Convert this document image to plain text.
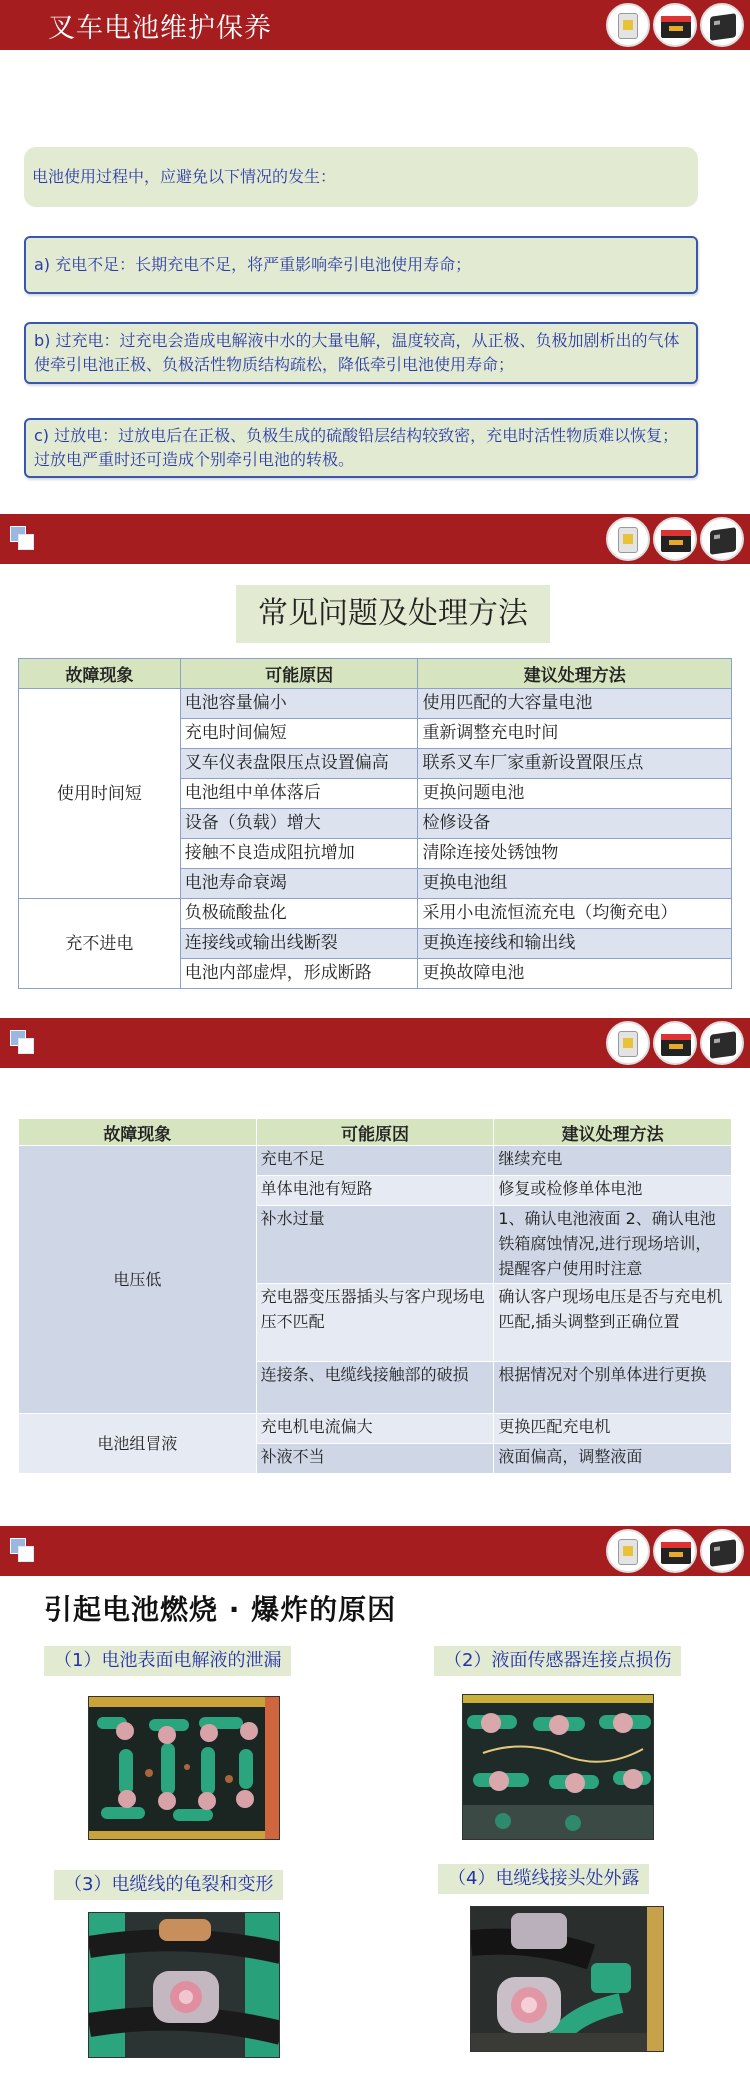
叉车电池维护保养
电池使用过程中，应避免以下情况的发生：
a) 充电不足：长期充电不足，将严重影响牵引电池使用寿命；
b) 过充电：过充电会造成电解液中水的大量电解，温度较高，从正极、负极加剧析出的气体使牵引电池正极、负极活性物质结构疏松，降低牵引电池使用寿命；
c) 过放电：过放电后在正极、负极生成的硫酸铅层结构较致密，充电时活性物质难以恢复；过放电严重时还可造成个别牵引电池的转极。
常见问题及处理方法
故障现象	可能原因	建议处理方法
使用时间短	电池容量偏小	使用匹配的大容量电池
	充电时间偏短	重新调整充电时间
	叉车仪表盘限压点设置偏高	联系叉车厂家重新设置限压点
	电池组中单体落后	更换问题电池
	设备（负载）增大	检修设备
	接触不良造成阻抗增加	清除连接处锈蚀物
	电池寿命衰竭	更换电池组
充不进电	负极硫酸盐化	采用小电流恒流充电（均衡充电）
	连接线或输出线断裂	更换连接线和输出线
	电池内部虚焊，形成断路	更换故障电池
故障现象	可能原因	建议处理方法
电压低	充电不足	继续充电
	单体电池有短路	修复或检修单体电池
	补水过量	1、确认电池液面 2、确认电池铁箱腐蚀情况,进行现场培训，提醒客户使用时注意
	充电器变压器插头与客户现场电压不匹配	确认客户现场电压是否与充电机匹配,插头调整到正确位置
	连接条、电缆线接触部的破损	根据情况对个别单体进行更换
电池组冒液	充电机电流偏大	更换匹配充电机
	补液不当	液面偏高，调整液面
引起电池燃烧 · 爆炸的原因
（1）电池表面电解液的泄漏	（2）液面传感器连接点损伤
（3）电缆线的龟裂和变形	（4）电缆线接头处外露
